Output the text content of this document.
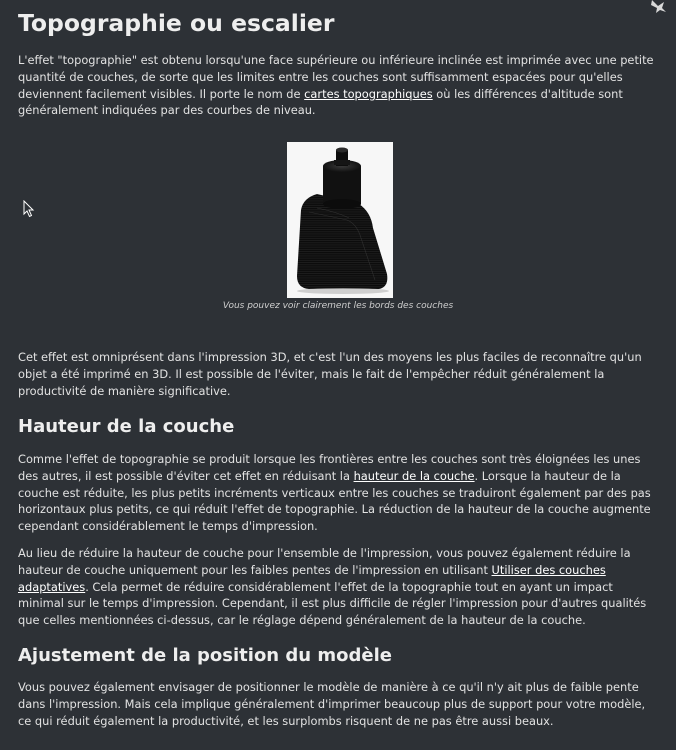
Topographie ou escalier

L'effet "topographie" est obtenu lorsqu'une face supérieure ou inférieure inclinée est imprimée avec une petite quantité de couches, de sorte que les limites entre les couches sont suffisamment espacées pour qu'elles deviennent facilement visibles. Il porte le nom de cartes topographiques où les différences d'altitude sont généralement indiquées par des courbes de niveau.

Vous pouvez voir clairement les bords des couches

Cet effet est omniprésent dans l'impression 3D, et c'est l'un des moyens les plus faciles de reconnaître qu'un objet a été imprimé en 3D. Il est possible de l'éviter, mais le fait de l'empêcher réduit généralement la productivité de manière significative.

Hauteur de la couche

Comme l'effet de topographie se produit lorsque les frontières entre les couches sont très éloignées les unes des autres, il est possible d'éviter cet effet en réduisant la hauteur de la couche. Lorsque la hauteur de la couche est réduite, les plus petits incréments verticaux entre les couches se traduiront également par des pas horizontaux plus petits, ce qui réduit l'effet de topographie. La réduction de la hauteur de la couche augmente cependant considérablement le temps d'impression.

Au lieu de réduire la hauteur de couche pour l'ensemble de l'impression, vous pouvez également réduire la hauteur de couche uniquement pour les faibles pentes de l'impression en utilisant Utiliser des couches adaptatives. Cela permet de réduire considérablement l'effet de la topographie tout en ayant un impact minimal sur le temps d'impression. Cependant, il est plus difficile de régler l'impression pour d'autres qualités que celles mentionnées ci-dessus, car le réglage dépend généralement de la hauteur de la couche.

Ajustement de la position du modèle

Vous pouvez également envisager de positionner le modèle de manière à ce qu'il n'y ait plus de faible pente dans l'impression. Mais cela implique généralement d'imprimer beaucoup plus de support pour votre modèle, ce qui réduit également la productivité, et les surplombs risquent de ne pas être aussi beaux.
